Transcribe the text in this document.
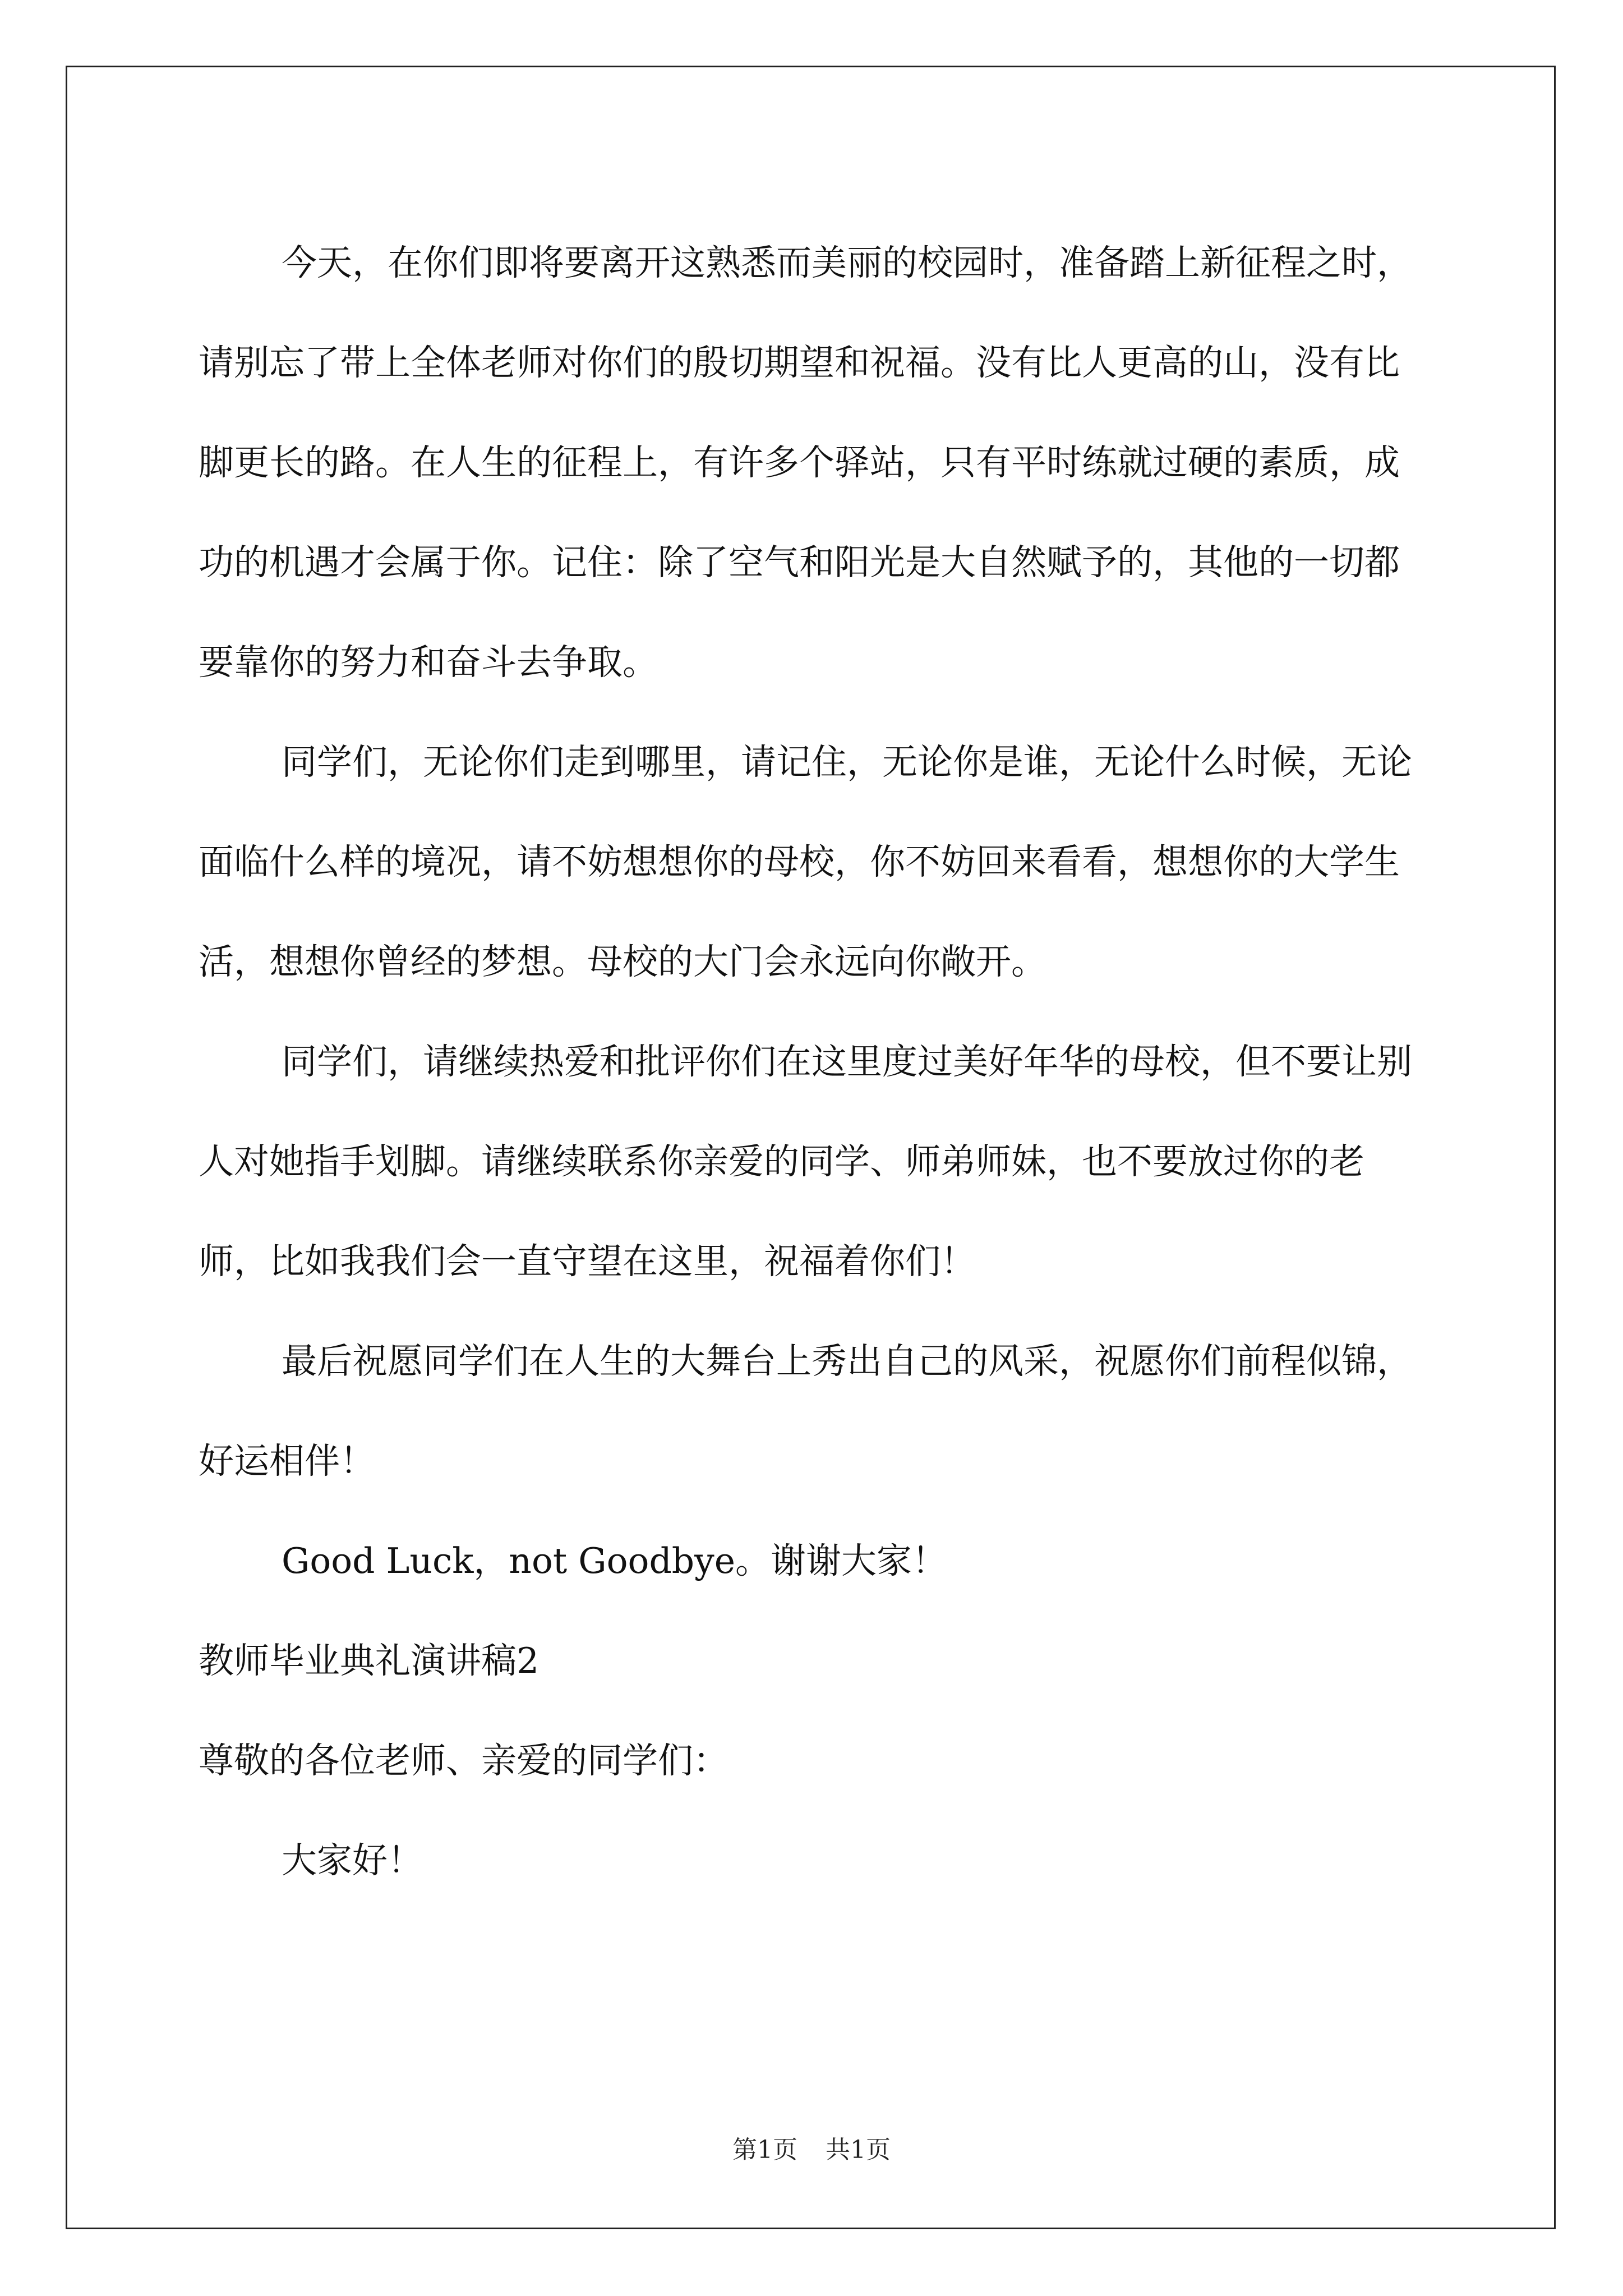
今天，在你们即将要离开这熟悉而美丽的校园时，准备踏上新征程之时，请别忘了带上全体老师对你们的殷切期望和祝福。没有比人更高的山，没有比脚更长的路。在人生的征程上，有许多个驿站，只有平时练就过硬的素质，成功的机遇才会属于你。记住：除了空气和阳光是大自然赋予的，其他的一切都要靠你的努力和奋斗去争取。

同学们，无论你们走到哪里，请记住，无论你是谁，无论什么时候，无论面临什么样的境况，请不妨想想你的母校，你不妨回来看看，想想你的大学生活，想想你曾经的梦想。母校的大门会永远向你敞开。

同学们，请继续热爱和批评你们在这里度过美好年华的母校，但不要让别人对她指手划脚。请继续联系你亲爱的同学、师弟师妹，也不要放过你的老师，比如我我们会一直守望在这里，祝福着你们！

最后祝愿同学们在人生的大舞台上秀出自己的风采，祝愿你们前程似锦，好运相伴！

Good Luck，not Goodbye。谢谢大家！

教师毕业典礼演讲稿2

尊敬的各位老师、亲爱的同学们：

大家好！

第1页 共1页
